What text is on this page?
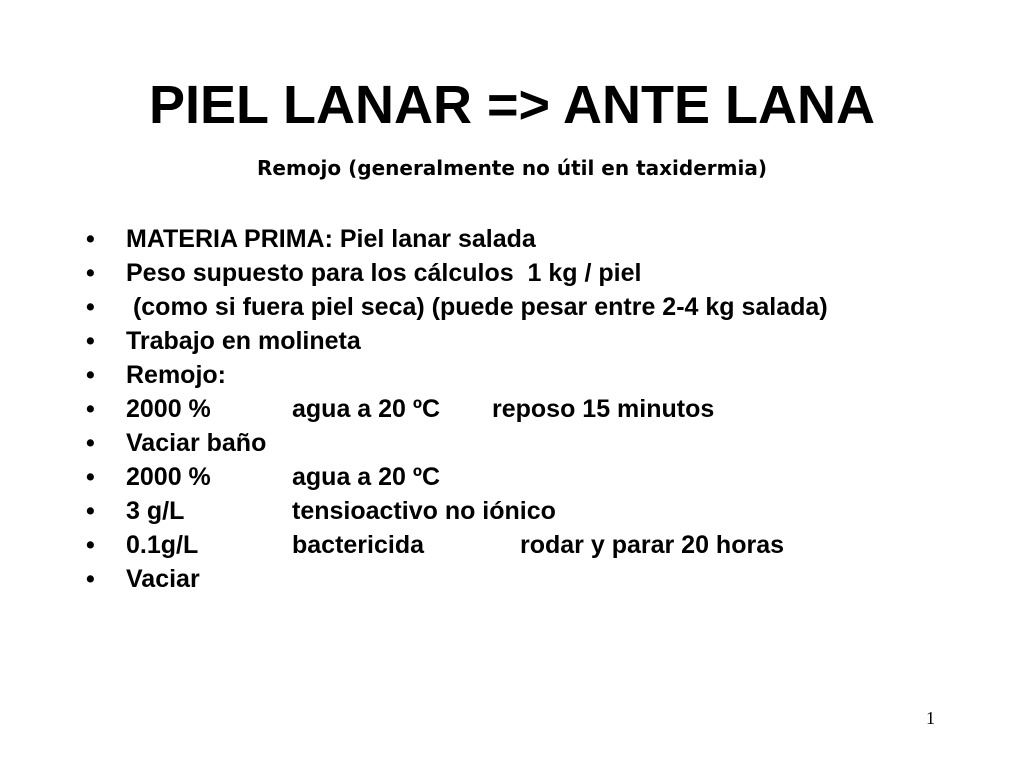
PIEL LANAR => ANTE LANA
Remojo (generalmente no útil en taxidermia)
•	MATERIA PRIMA: Piel lanar salada
•	Peso supuesto para los cálculos  1 kg / piel
•	(como si fuera piel seca) (puede pesar entre 2-4 kg salada)
•	Trabajo en molineta
•	Remojo:
•	2000 %	agua a 20 ºC reposo 15 minutos
•	Vaciar baño
•	2000 %	agua a 20 ºC
•	3 g/L	tensioactivo no iónico
•	0.1g/L	bactericida	rodar y parar 20 horas
•	Vaciar
1
